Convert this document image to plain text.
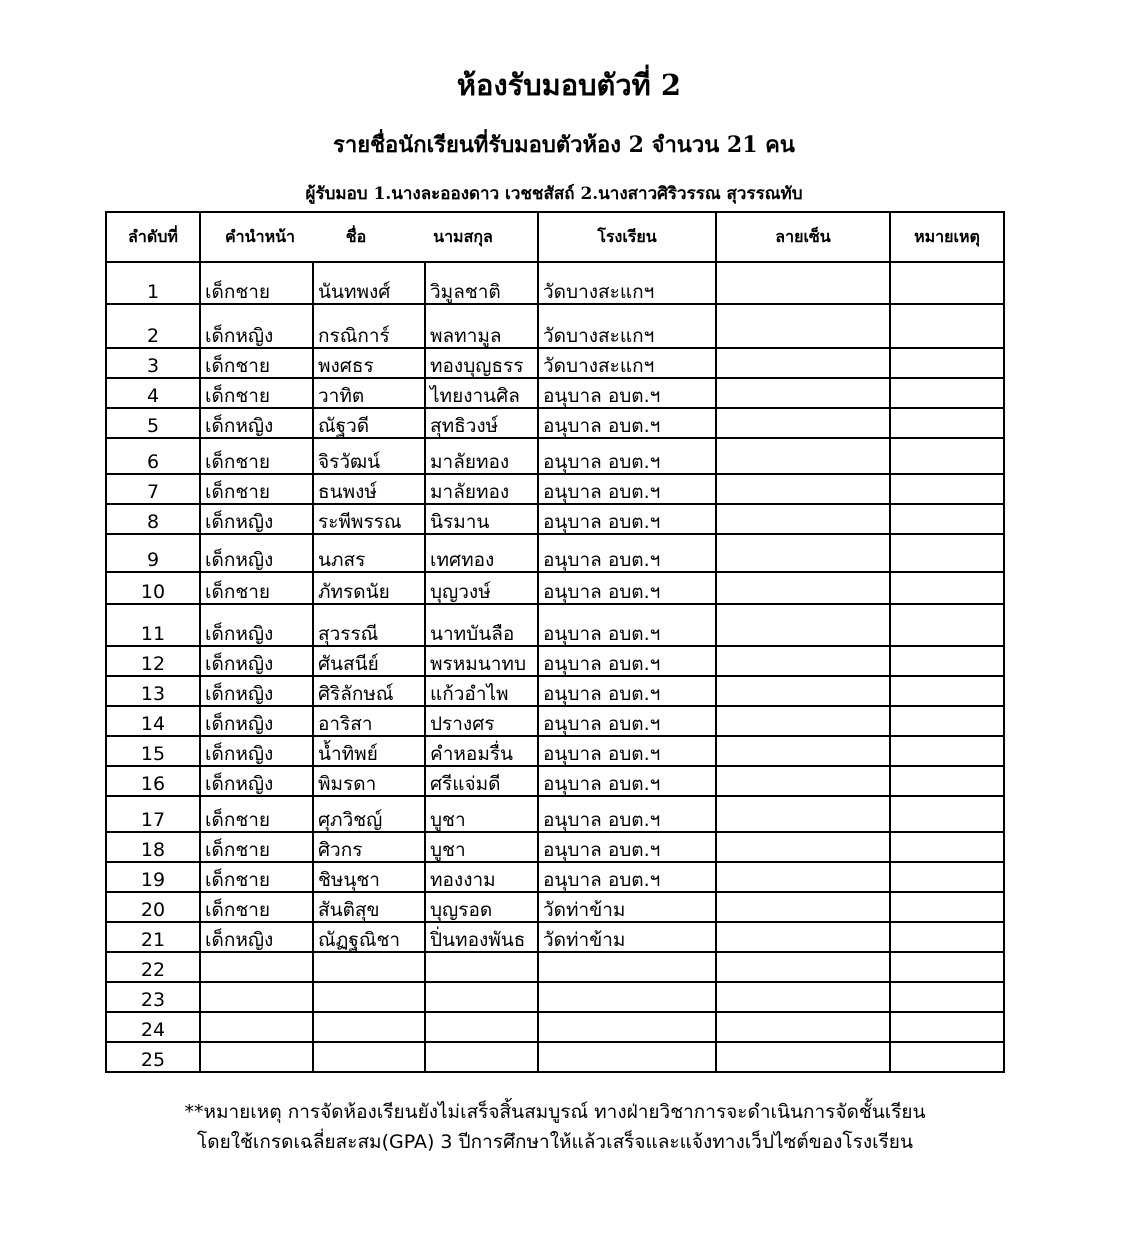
ห้องรับมอบตัวที่ 2
รายชื่อนักเรียนที่รับมอบตัวห้อง 2 จำนวน 21 คน
ผู้รับมอบ 1.นางละอองดาว เวชชสัสถ์ 2.นางสาวศิริวรรณ สุวรรณทับ
ลำดับที่	คำนำหน้า ชื่อ นามสกุล			โรงเรียน	ลายเซ็น	หมายเหตุ
1	เด็กชาย	นันทพงศ์	วิมูลชาติ	วัดบางสะแกฯ		
2	เด็กหญิง	กรณิการ์	พลทามูล	วัดบางสะแกฯ		
3	เด็กชาย	พงศธร	ทองบุญธรร	วัดบางสะแกฯ		
4	เด็กชาย	วาทิต	ไทยงานศิล	อนุบาล อบต.ฯ		
5	เด็กหญิง	ณัฐวดี	สุทธิวงษ์	อนุบาล อบต.ฯ		
6	เด็กชาย	จิรวัฒน์	มาลัยทอง	อนุบาล อบต.ฯ		
7	เด็กชาย	ธนพงษ์	มาลัยทอง	อนุบาล อบต.ฯ		
8	เด็กหญิง	ระพีพรรณ	นิรมาน	อนุบาล อบต.ฯ		
9	เด็กหญิง	นภสร	เทศทอง	อนุบาล อบต.ฯ		
10	เด็กชาย	ภัทรดนัย	บุญวงษ์	อนุบาล อบต.ฯ		
11	เด็กหญิง	สุวรรณี	นาทบันลือ	อนุบาล อบต.ฯ		
12	เด็กหญิง	ศันสนีย์	พรหมนาทบ	อนุบาล อบต.ฯ		
13	เด็กหญิง	ศิริลักษณ์	แก้วอำไพ	อนุบาล อบต.ฯ		
14	เด็กหญิง	อาริสา	ปรางศร	อนุบาล อบต.ฯ		
15	เด็กหญิง	น้ำทิพย์	คำหอมรื่น	อนุบาล อบต.ฯ		
16	เด็กหญิง	พิมรดา	ศรีแจ่มดี	อนุบาล อบต.ฯ		
17	เด็กชาย	ศุภวิชญ์	บูชา	อนุบาล อบต.ฯ		
18	เด็กชาย	ศิวกร	บูชา	อนุบาล อบต.ฯ		
19	เด็กชาย	ชิษนุชา	ทองงาม	อนุบาล อบต.ฯ		
20	เด็กชาย	สันติสุข	บุญรอด	วัดท่าข้าม		
21	เด็กหญิง	ณัฏฐณิชา	ปิ่นทองพันธ	วัดท่าข้าม		
22						
23						
24						
25						
**หมายเหตุ การจัดห้องเรียนยังไม่เสร็จสิ้นสมบูรณ์ ทางฝ่ายวิชาการจะดำเนินการจัดชั้นเรียน
โดยใช้เกรดเฉลี่ยสะสม(GPA) 3 ปีการศึกษาให้แล้วเสร็จและแจ้งทางเว็ปไซต์ของโรงเรียน
